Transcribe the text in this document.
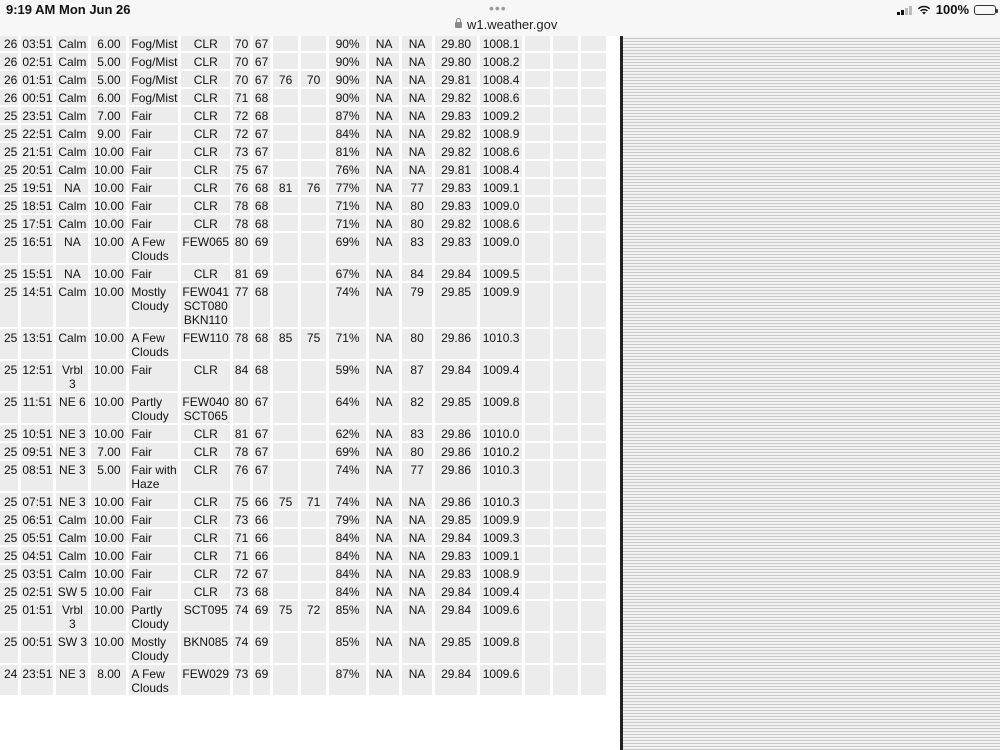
9:19 AM Mon Jun 26	•••
w1.weather.gov
100%
26	03:51	Calm	6.00	Fog/Mist	CLR	70	67			90%	NA	NA	29.80	1008.1			
26	02:51	Calm	5.00	Fog/Mist	CLR	70	67			90%	NA	NA	29.80	1008.2			
26	01:51	Calm	5.00	Fog/Mist	CLR	70	67	76	70	90%	NA	NA	29.81	1008.4			
26	00:51	Calm	6.00	Fog/Mist	CLR	71	68			90%	NA	NA	29.82	1008.6			
25	23:51	Calm	7.00	Fair	CLR	72	68			87%	NA	NA	29.83	1009.2			
25	22:51	Calm	9.00	Fair	CLR	72	67			84%	NA	NA	29.82	1008.9			
25	21:51	Calm	10.00	Fair	CLR	73	67			81%	NA	NA	29.82	1008.6			
25	20:51	Calm	10.00	Fair	CLR	75	67			76%	NA	NA	29.81	1008.4			
25	19:51	NA	10.00	Fair	CLR	76	68	81	76	77%	NA	77	29.83	1009.1			
25	18:51	Calm	10.00	Fair	CLR	78	68			71%	NA	80	29.83	1009.0			
25	17:51	Calm	10.00	Fair	CLR	78	68			71%	NA	80	29.82	1008.6			
25	16:51	NA	10.00	A Few
Clouds	FEW065	80	69			69%	NA	83	29.83	1009.0			
25	15:51	NA	10.00	Fair	CLR	81	69			67%	NA	84	29.84	1009.5			
25	14:51	Calm	10.00	Mostly
Cloudy	FEW041
SCT080
BKN110	77	68			74%	NA	79	29.85	1009.9			
25	13:51	Calm	10.00	A Few
Clouds	FEW110	78	68	85	75	71%	NA	80	29.86	1010.3			
25	12:51	Vrbl 3	10.00	Fair	CLR	84	68			59%	NA	87	29.84	1009.4			
25	11:51	NE 6	10.00	Partly
Cloudy	FEW040
SCT065	80	67			64%	NA	82	29.85	1009.8			
25	10:51	NE 3	10.00	Fair	CLR	81	67			62%	NA	83	29.86	1010.0			
25	09:51	NE 3	7.00	Fair	CLR	78	67			69%	NA	80	29.86	1010.2			
25	08:51	NE 3	5.00	Fair with
Haze	CLR	76	67			74%	NA	77	29.86	1010.3			
25	07:51	NE 3	10.00	Fair	CLR	75	66	75	71	74%	NA	NA	29.86	1010.3			
25	06:51	Calm	10.00	Fair	CLR	73	66			79%	NA	NA	29.85	1009.9			
25	05:51	Calm	10.00	Fair	CLR	71	66			84%	NA	NA	29.84	1009.3			
25	04:51	Calm	10.00	Fair	CLR	71	66			84%	NA	NA	29.83	1009.1			
25	03:51	Calm	10.00	Fair	CLR	72	67			84%	NA	NA	29.83	1008.9			
25	02:51	SW 5	10.00	Fair	CLR	73	68			84%	NA	NA	29.84	1009.4			
25	01:51	Vrbl 3	10.00	Partly
Cloudy	SCT095	74	69	75	72	85%	NA	NA	29.84	1009.6			
25	00:51	SW 3	10.00	Mostly
Cloudy	BKN085	74	69			85%	NA	NA	29.85	1009.8			
24	23:51	NE 3	8.00	A Few
Clouds	FEW029	73	69			87%	NA	NA	29.84	1009.6			
